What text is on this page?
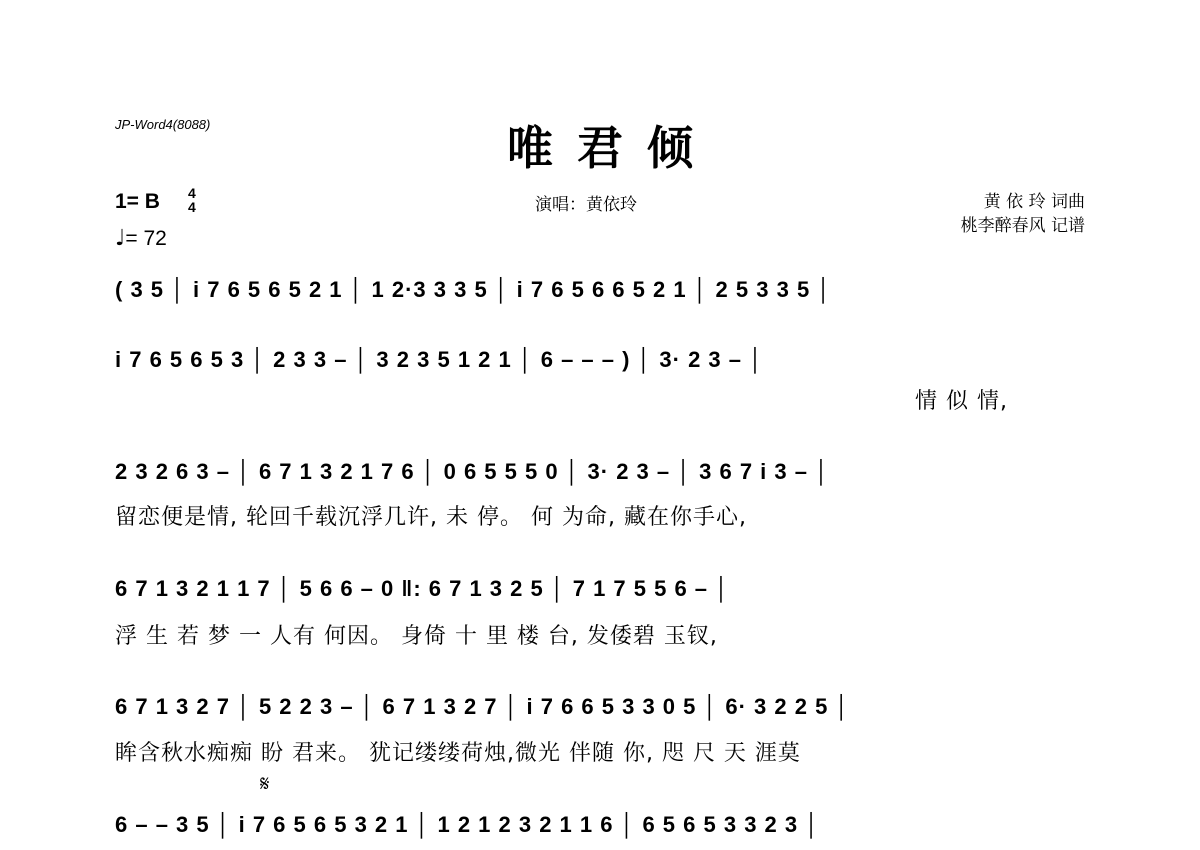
JP-Word4(8088)	唯君倾
1= B 4
4
♩= 72
演唱：黄依玲	黄 依 玲 词曲
桃李醉春风 记谱
𝄋
( 3 5 │ i 7 6 5 6 5 2 1 │ 1 2·3 3 3 5 │ i 7 6 5 6 6 5 2 1 │ 2 5 3 3 5 │
i 7 6 5 6 5 3 │ 2 3 3 – │ 3 2 3 5 1 2 1 │ 6 – – – ) │ 3· 2 3 – │
情 似 情,
2 3 2 6 3 – │ 6 7 1 3 2 1 7 6 │ 0 6 5 5 5 0 │ 3· 2 3 – │ 3 6 7 i 3 – │
留恋便是情, 轮回千载沉浮几许, 未 停。 何 为命, 藏在你手心,
6 7 1 3 2 1 1 7 │ 5 6 6 – 0 ‖: 6 7 1 3 2 5 │ 7 1 7 5 5 6 – │
浮 生 若 梦 一 人有 何因。 身倚 十 里 楼 台, 发倭碧 玉钗,
6 7 1 3 2 7 │ 5 2 2 3 – │ 6 7 1 3 2 7 │ i 7 6 6 5 3 3 0 5 │ 6· 3 2 2 5 │
眸含秋水痴痴 盼 君来。 犹记缕缕荷烛,微光 伴随 你, 咫 尺 天 涯莫
6 – – 3 5 │ i 7 6 5 6 5 3 2 1 │ 1 2 1 2 3 2 1 1 6 │ 6 5 6 5 3 3 2 3 │
